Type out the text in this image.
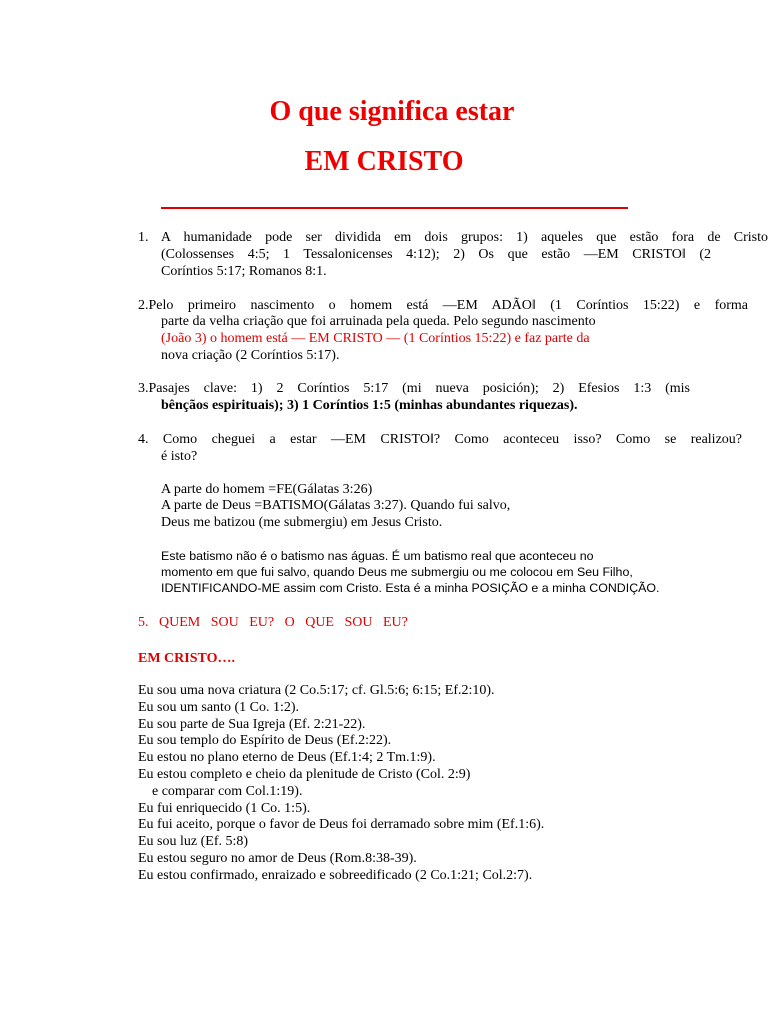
O que significa estar
EM CRISTO
1. A humanidade pode ser dividida em dois grupos: 1) aqueles que estão fora de Cristo
(Colossenses 4:5; 1 Tessalonicenses 4:12); 2) Os que estão ―EM CRISTO‖ (2
Coríntios 5:17; Romanos 8:1.
2.Pelo primeiro nascimento o homem está ―EM ADÃO‖ (1 Coríntios 15:22) e forma
parte da velha criação que foi arruinada pela queda. Pelo segundo nascimento
(João 3) o homem está ― EM CRISTO ― (1 Coríntios 15:22) e faz parte da
nova criação (2 Coríntios 5:17).
3.Pasajes clave: 1) 2 Coríntios 5:17 (mi nueva posición); 2) Efesios 1:3 (mis
bênçãos espirituais); 3) 1 Coríntios 1:5 (minhas abundantes riquezas).
4. Como cheguei a estar ―EM CRISTO‖? Como aconteceu isso? Como se realizou?
é isto?
A parte do homem =FE(Gálatas 3:26)
A parte de Deus =BATISMO(Gálatas 3:27). Quando fui salvo,
Deus me batizou (me submergiu) em Jesus Cristo.
Este batismo não é o batismo nas águas. É um batismo real que aconteceu no
momento em que fui salvo, quando Deus me submergiu ou me colocou em Seu Filho,
IDENTIFICANDO-ME assim com Cristo. Esta é a minha POSIÇÃO e a minha CONDIÇÃO.
5.   QUEM   SOU   EU?   O   QUE   SOU   EU?
EM CRISTO….
Eu sou uma nova criatura (2 Co.5:17; cf. Gl.5:6; 6:15; Ef.2:10).
Eu sou um santo (1 Co. 1:2).
Eu sou parte de Sua Igreja (Ef. 2:21-22).
Eu sou templo do Espírito de Deus (Ef.2:22).
Eu estou no plano eterno de Deus (Ef.1:4; 2 Tm.1:9).
Eu estou completo e cheio da plenitude de Cristo (Col. 2:9)
e comparar com Col.1:19).
Eu fui enriquecido (1 Co. 1:5).
Eu fui aceito, porque o favor de Deus foi derramado sobre mim (Ef.1:6).
Eu sou luz (Ef. 5:8)
Eu estou seguro no amor de Deus (Rom.8:38-39).
Eu estou confirmado, enraizado e sobreedificado (2 Co.1:21; Col.2:7).
